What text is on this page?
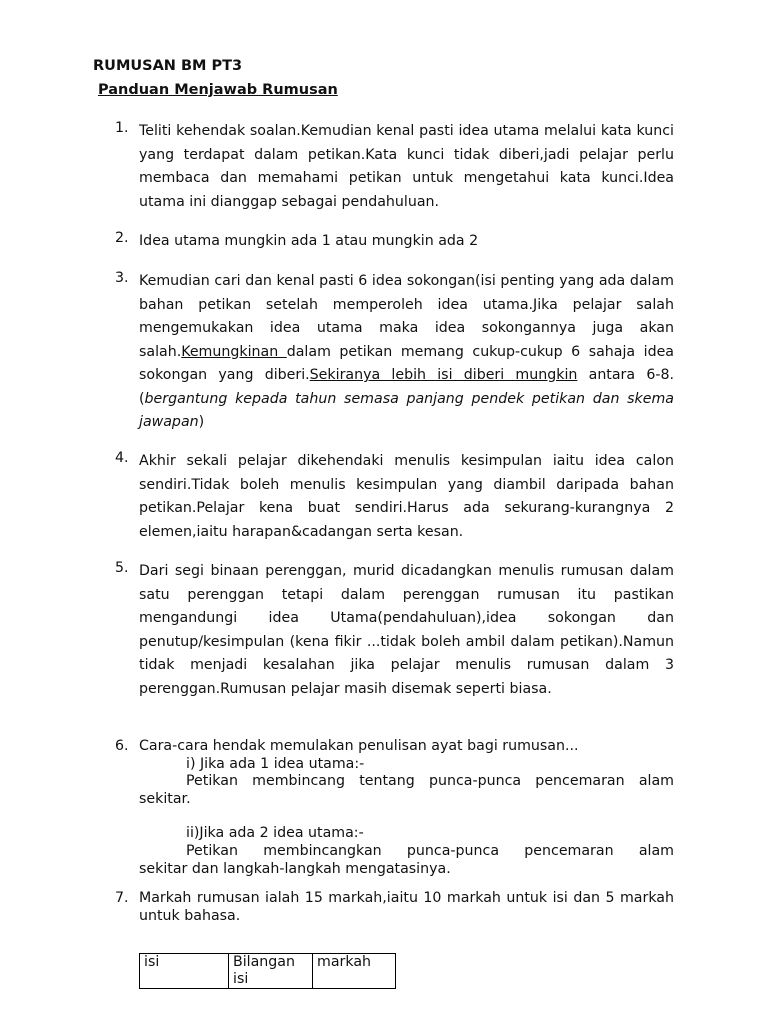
RUMUSAN BM PT3
Panduan Menjawab Rumusan
1. Teliti kehendak soalan.Kemudian kenal pasti idea utama melalui kata kunci yang terdapat dalam petikan.Kata kunci tidak diberi,jadi pelajar perlu membaca dan memahami petikan untuk mengetahui kata kunci.Idea utama ini dianggap sebagai pendahuluan.
2. Idea utama mungkin ada 1 atau mungkin ada 2
3. Kemudian cari dan kenal pasti 6 idea sokongan(isi penting yang ada dalam bahan petikan setelah memperoleh idea utama.Jika pelajar salah mengemukakan idea utama maka idea sokongannya juga akan salah.Kemungkinan dalam petikan memang cukup-cukup 6 sahaja idea sokongan yang diberi.Sekiranya lebih isi diberi mungkin antara 6-8.(bergantung kepada tahun semasa panjang pendek petikan dan skema jawapan)
4. Akhir sekali pelajar dikehendaki menulis kesimpulan iaitu idea calon sendiri.Tidak boleh menulis kesimpulan yang diambil daripada bahan petikan.Pelajar kena buat sendiri.Harus ada sekurang-kurangnya 2 elemen,iaitu harapan&cadangan serta kesan.
5. Dari segi binaan perenggan, murid dicadangkan menulis rumusan dalam satu perenggan tetapi dalam perenggan rumusan itu pastikan mengandungi idea Utama(pendahuluan),idea sokongan dan penutup/kesimpulan (kena fikir ...tidak boleh ambil dalam petikan).Namun tidak menjadi kesalahan jika pelajar menulis rumusan dalam 3 perenggan.Rumusan pelajar masih disemak seperti biasa.
6. Cara-cara hendak memulakan penulisan ayat bagi rumusan...
i) Jika ada 1 idea utama:-
Petikan membincang tentang punca-punca pencemaran alam
sekitar.
ii)Jika ada 2 idea utama:-
Petikan membincangkan punca-punca pencemaran alam
sekitar dan langkah-langkah mengatasinya.
7. Markah rumusan ialah 15 markah,iaitu 10 markah untuk isi dan 5 markah untuk bahasa.
isi	Bilangan isi	markah
